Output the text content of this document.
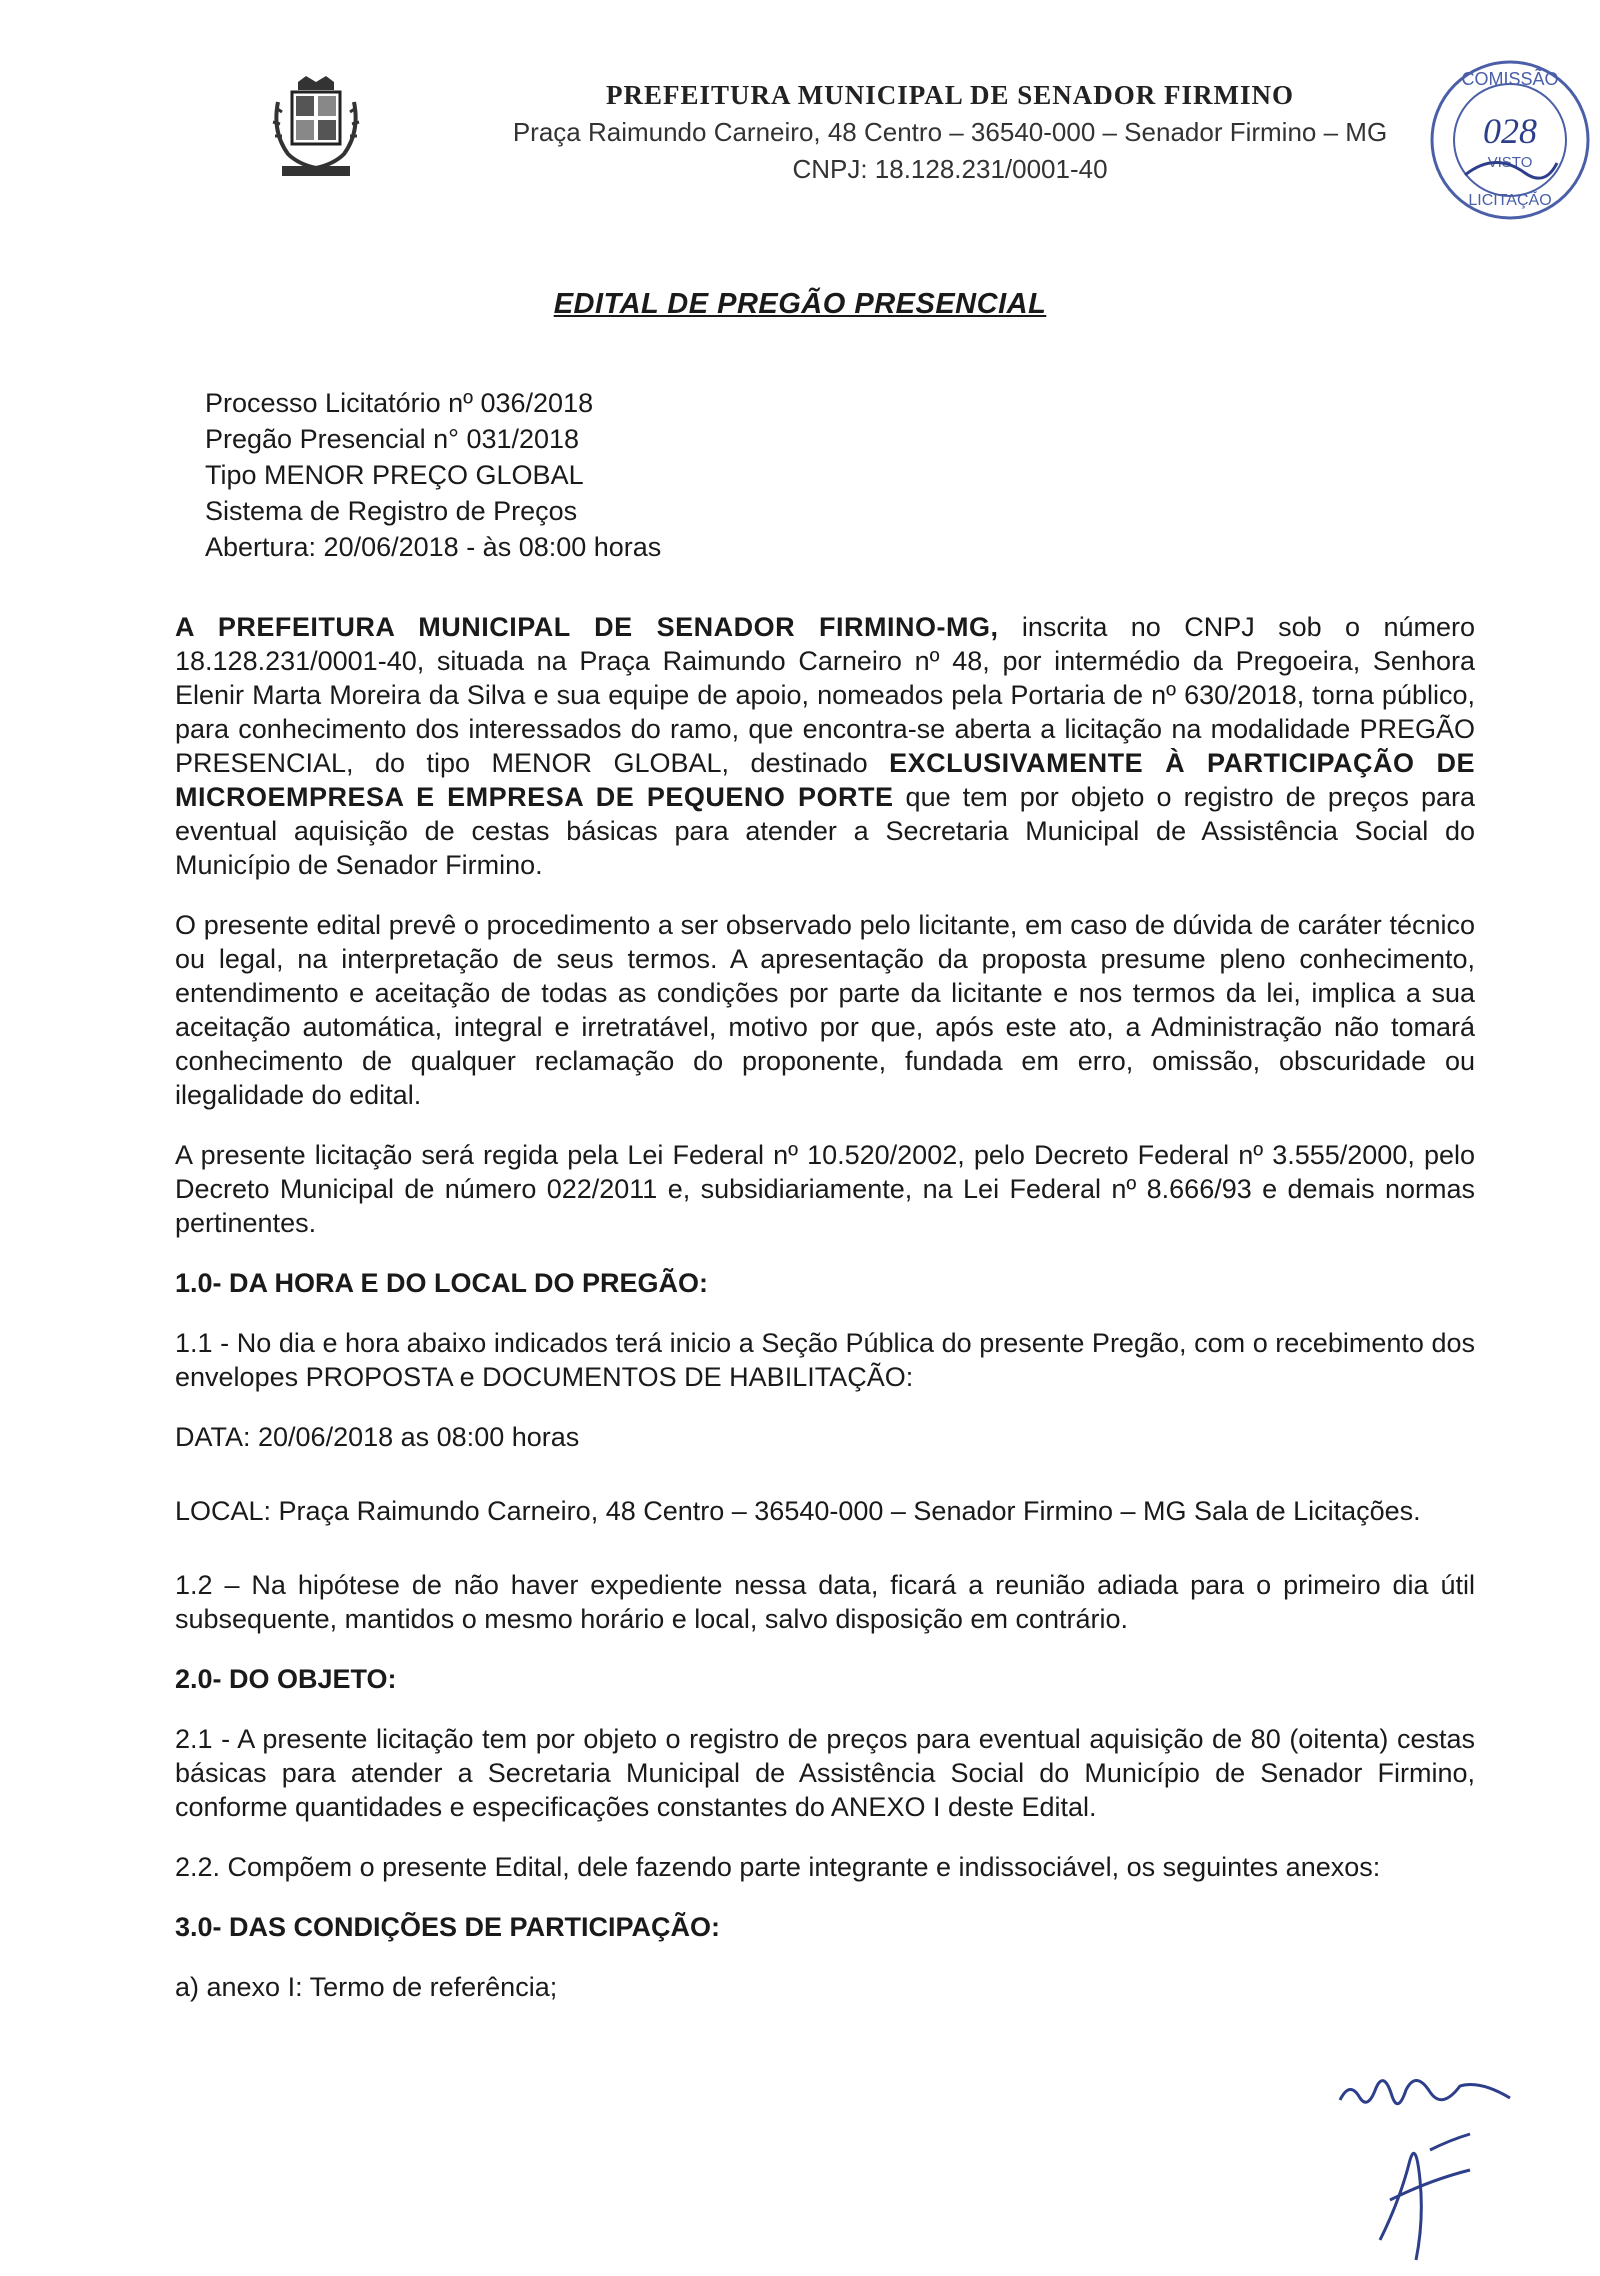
PREFEITURA MUNICIPAL DE SENADOR FIRMINO
Praça Raimundo Carneiro, 48 Centro – 36540-000 – Senador Firmino – MG
CNPJ: 18.128.231/0001-40
COMISSÃO
028
VISTO
LICITAÇÃO
EDITAL DE PREGÃO PRESENCIAL
Processo Licitatório nº 036/2018
Pregão Presencial n° 031/2018
Tipo MENOR PREÇO GLOBAL
Sistema de Registro de Preços
Abertura: 20/06/2018 - às 08:00 horas

A PREFEITURA MUNICIPAL DE SENADOR FIRMINO-MG, inscrita no CNPJ sob o número 18.128.231/0001-40, situada na Praça Raimundo Carneiro nº 48, por intermédio da Pregoeira, Senhora Elenir Marta Moreira da Silva e sua equipe de apoio, nomeados pela Portaria de nº 630/2018, torna público, para conhecimento dos interessados do ramo, que encontra-se aberta a licitação na modalidade PREGÃO PRESENCIAL, do tipo MENOR GLOBAL, destinado EXCLUSIVAMENTE À PARTICIPAÇÃO DE MICROEMPRESA E EMPRESA DE PEQUENO PORTE que tem por objeto o registro de preços para eventual aquisição de cestas básicas para atender a Secretaria Municipal de Assistência Social do Município de Senador Firmino.

O presente edital prevê o procedimento a ser observado pelo licitante, em caso de dúvida de caráter técnico ou legal, na interpretação de seus termos. A apresentação da proposta presume pleno conhecimento, entendimento e aceitação de todas as condições por parte da licitante e nos termos da lei, implica a sua aceitação automática, integral e irretratável, motivo por que, após este ato, a Administração não tomará conhecimento de qualquer reclamação do proponente, fundada em erro, omissão, obscuridade ou ilegalidade do edital.

A presente licitação será regida pela Lei Federal nº 10.520/2002, pelo Decreto Federal nº 3.555/2000, pelo Decreto Municipal de número 022/2011 e, subsidiariamente, na Lei Federal nº 8.666/93 e demais normas pertinentes.

1.0- DA HORA E DO LOCAL DO PREGÃO:

1.1 - No dia e hora abaixo indicados terá inicio a Seção Pública do presente Pregão, com o recebimento dos envelopes PROPOSTA e DOCUMENTOS DE HABILITAÇÃO:

DATA: 20/06/2018 as 08:00 horas
LOCAL: Praça Raimundo Carneiro, 48 Centro – 36540-000 – Senador Firmino – MG Sala de Licitações.

1.2 – Na hipótese de não haver expediente nessa data, ficará a reunião adiada para o primeiro dia útil subsequente, mantidos o mesmo horário e local, salvo disposição em contrário.

2.0- DO OBJETO:

2.1 - A presente licitação tem por objeto o registro de preços para eventual aquisição de 80 (oitenta) cestas básicas para atender a Secretaria Municipal de Assistência Social do Município de Senador Firmino, conforme quantidades e especificações constantes do ANEXO I deste Edital.

2.2. Compõem o presente Edital, dele fazendo parte integrante e indissociável, os seguintes anexos:

3.0- DAS CONDIÇÕES DE PARTICIPAÇÃO:
a) anexo I: Termo de referência;
